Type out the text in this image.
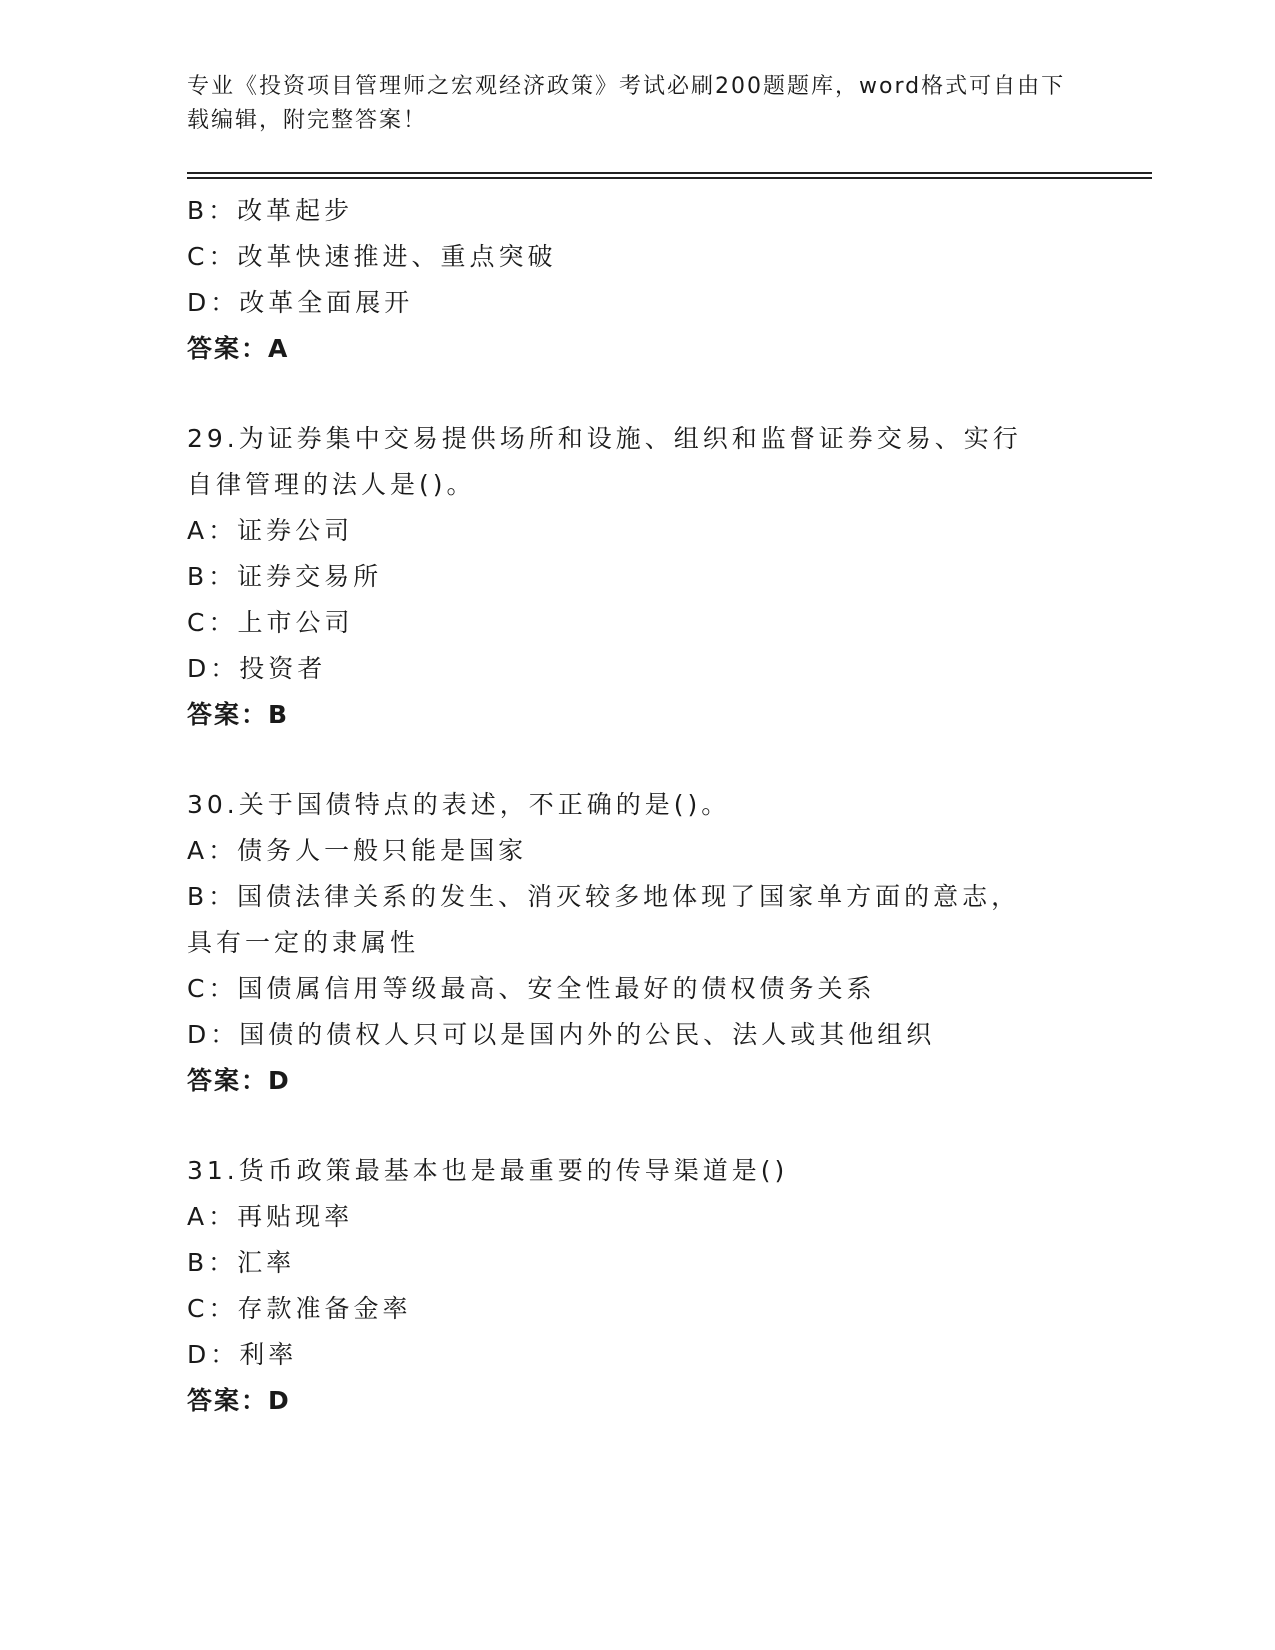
专业《投资项目管理师之宏观经济政策》考试必刷200题题库，word格式可自由下载编辑，附完整答案！
B：改革起步
C：改革快速推进、重点突破
D：改革全面展开
答案：A
29.为证券集中交易提供场所和设施、组织和监督证券交易、实行自律管理的法人是()。
A：证券公司
B：证券交易所
C：上市公司
D：投资者
答案：B
30.关于国债特点的表述，不正确的是()。
A：债务人一般只能是国家
B：国债法律关系的发生、消灭较多地体现了国家单方面的意志，具有一定的隶属性
C：国债属信用等级最高、安全性最好的债权债务关系
D：国债的债权人只可以是国内外的公民、法人或其他组织
答案：D
31.货币政策最基本也是最重要的传导渠道是()
A：再贴现率
B：汇率
C：存款准备金率
D：利率
答案：D
